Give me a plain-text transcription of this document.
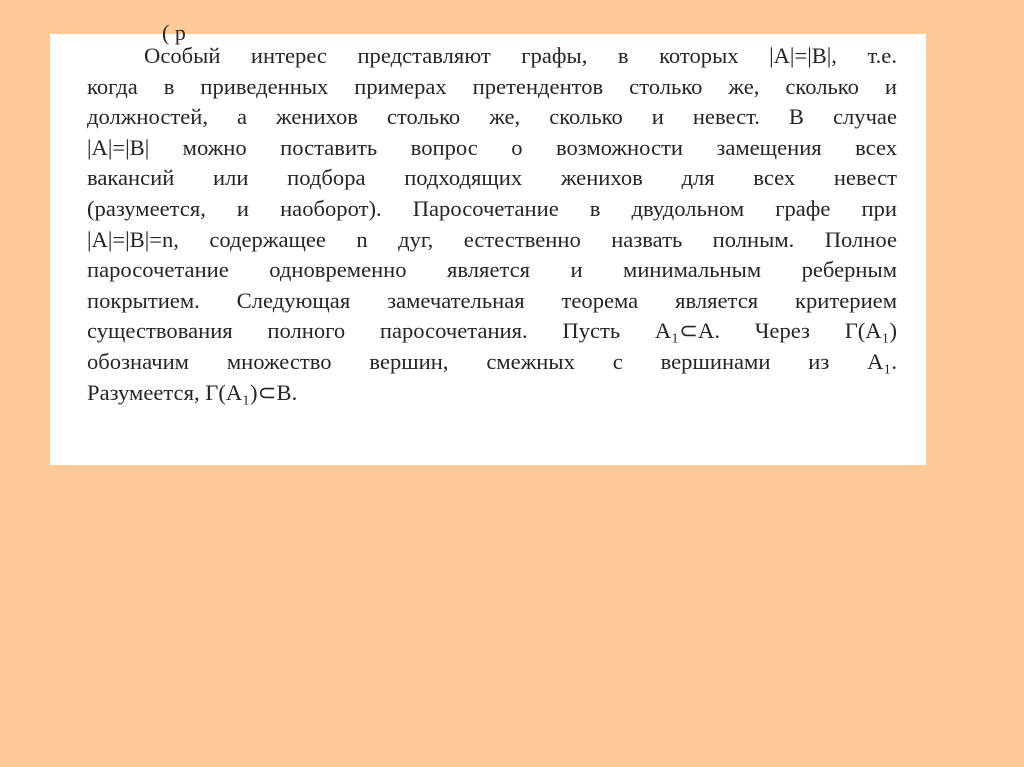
( р
Особый интерес представляют графы, в которых |A|=|B|, т.е.
когда в приведенных примерах претендентов столько же, сколько и
должностей, а женихов столько же, сколько и невест. В случае
|A|=|B| можно поставить вопрос о возможности замещения всех
вакансий или подбора подходящих женихов для всех невест
(разумеется, и наоборот). Паросочетание в двудольном графе при
|A|=|B|=n, содержащее n дуг, естественно назвать полным. Полное
паросочетание одновременно является и минимальным реберным
покрытием. Следующая замечательная теорема является критерием
существования полного паросочетания. Пусть A₁⊂A. Через Γ(A₁)
обозначим множество вершин, смежных с вершинами из A₁.
Разумеется, Γ(A₁)⊂B.
